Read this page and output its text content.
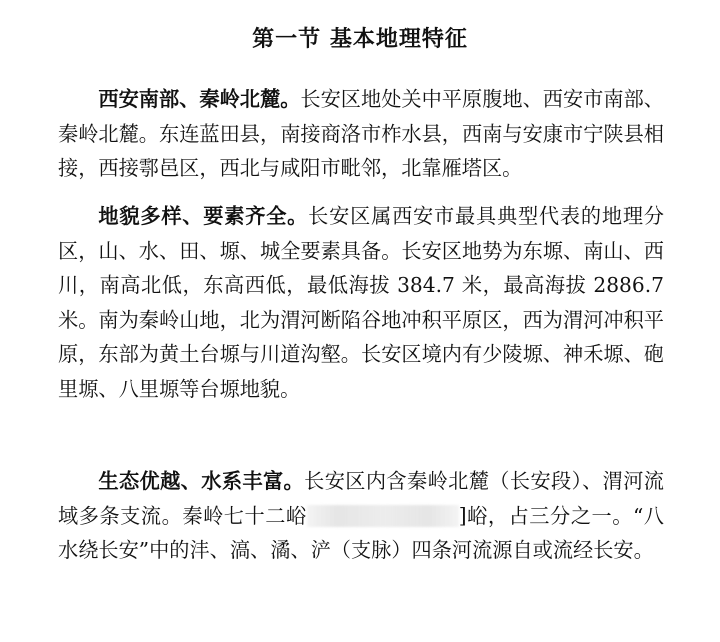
第一节 基本地理特征

西安南部、秦岭北麓。长安区地处关中平原腹地、西安市南部、秦岭北麓。东连蓝田县，南接商洛市柞水县，西南与安康市宁陕县相接，西接鄠邑区，西北与咸阳市毗邻，北靠雁塔区。

地貌多样、要素齐全。长安区属西安市最具典型代表的地理分区，山、水、田、塬、城全要素具备。长安区地势为东塬、南山、西川，南高北低，东高西低，最低海拔 384.7 米，最高海拔 2886.7 米。南为秦岭山地，北为渭河断陷谷地冲积平原区，西为渭河冲积平原，东部为黄土台塬与川道沟壑。长安区境内有少陵塬、神禾塬、砲里塬、八里塬等台塬地貌。

生态优越、水系丰富。长安区内含秦岭北麓（长安段）、渭河流域多条支流。秦岭七十二峪	]峪，占三分之一。“八水绕长安”中的沣、滈、潏、浐（支脉）四条河流源自或流经长安。
